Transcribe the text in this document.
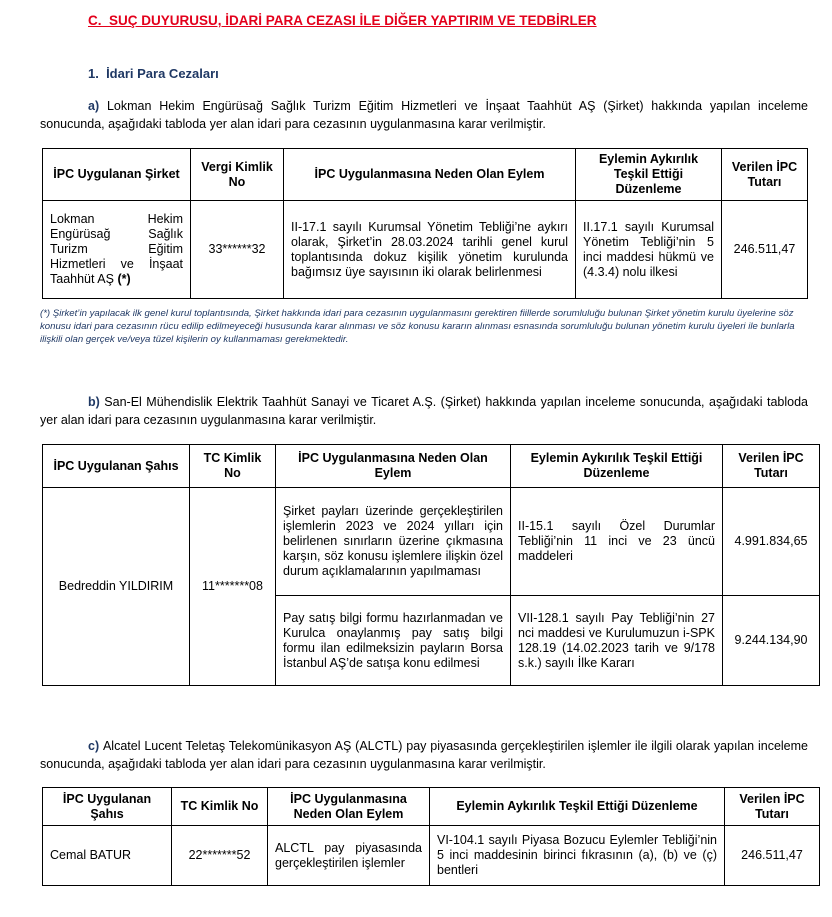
C.  SUÇ DUYURUSU, İDARİ PARA CEZASI İLE DİĞER YAPTIRIM VE TEDBİRLER
1.  İdari Para Cezaları
a) Lokman Hekim Engürüsağ Sağlık Turizm Eğitim Hizmetleri ve İnşaat Taahhüt AŞ (Şirket) hakkında yapılan inceleme sonucunda, aşağıdaki tabloda yer alan idari para cezasının uygulanmasına karar verilmiştir.
İPC Uygulanan Şirket	Vergi Kimlik No	İPC Uygulanmasına Neden Olan Eylem	Eylemin Aykırılık Teşkil Ettiği Düzenleme	Verilen İPC Tutarı
Lokman Hekim Engürüsağ Sağlık Turizm Eğitim Hizmetleri ve İnşaat Taahhüt AŞ (*)	33******32	II-17.1 sayılı Kurumsal Yönetim Tebliği’ne aykırı olarak, Şirket’in 28.03.2024 tarihli genel kurul toplantısında dokuz kişilik yönetim kurulunda bağımsız üye sayısının iki olarak belirlenmesi	II.17.1 sayılı Kurumsal Yönetim Tebliği’nin 5 inci maddesi hükmü ve (4.3.4) nolu ilkesi	246.511,47
(*) Şirket’in yapılacak ilk genel kurul toplantısında, Şirket hakkında idari para cezasının uygulanmasını gerektiren fiillerde sorumluluğu bulunan Şirket yönetim kurulu üyelerine söz konusu idari para cezasının rücu edilip edilmeyeceği hususunda karar alınması ve söz konusu kararın alınması esnasında sorumluluğu bulunan yönetim kurulu üyeleri ile bunlarla ilişkili olan gerçek ve/veya tüzel kişilerin oy kullanmaması gerekmektedir.
b) San-El Mühendislik Elektrik Taahhüt Sanayi ve Ticaret A.Ş. (Şirket) hakkında yapılan inceleme sonucunda, aşağıdaki tabloda yer alan idari para cezasının uygulanmasına karar verilmiştir.
İPC Uygulanan Şahıs	TC Kimlik No	İPC Uygulanmasına Neden Olan Eylem	Eylemin Aykırılık Teşkil Ettiği Düzenleme	Verilen İPC Tutarı
Bedreddin YILDIRIM	11*******08	Şirket payları üzerinde gerçekleştirilen işlemlerin 2023 ve 2024 yılları için belirlenen sınırların üzerine çıkmasına karşın, söz konusu işlemlere ilişkin özel durum açıklamalarının yapılmaması	II-15.1 sayılı Özel Durumlar Tebliği’nin 11 inci ve 23 üncü maddeleri	4.991.834,65
		Pay satış bilgi formu hazırlanmadan ve Kurulca onaylanmış pay satış bilgi formu ilan edilmeksizin payların Borsa İstanbul AŞ’de satışa konu edilmesi	VII-128.1 sayılı Pay Tebliği’nin 27 nci maddesi ve Kurulumuzun i-SPK 128.19 (14.02.2023 tarih ve 9/178 s.k.) sayılı İlke Kararı	9.244.134,90
c) Alcatel Lucent Teletaş Telekomünikasyon AŞ (ALCTL) pay piyasasında gerçekleştirilen işlemler ile ilgili olarak yapılan inceleme sonucunda, aşağıdaki tabloda yer alan idari para cezasının uygulanmasına karar verilmiştir.
İPC Uygulanan Şahıs	TC Kimlik No	İPC Uygulanmasına Neden Olan Eylem	Eylemin Aykırılık Teşkil Ettiği Düzenleme	Verilen İPC Tutarı
Cemal BATUR	22*******52	ALCTL pay piyasasında gerçekleştirilen işlemler	VI-104.1 sayılı Piyasa Bozucu Eylemler Tebliği’nin 5 inci maddesinin birinci fıkrasının (a), (b) ve (ç) bentleri	246.511,47
